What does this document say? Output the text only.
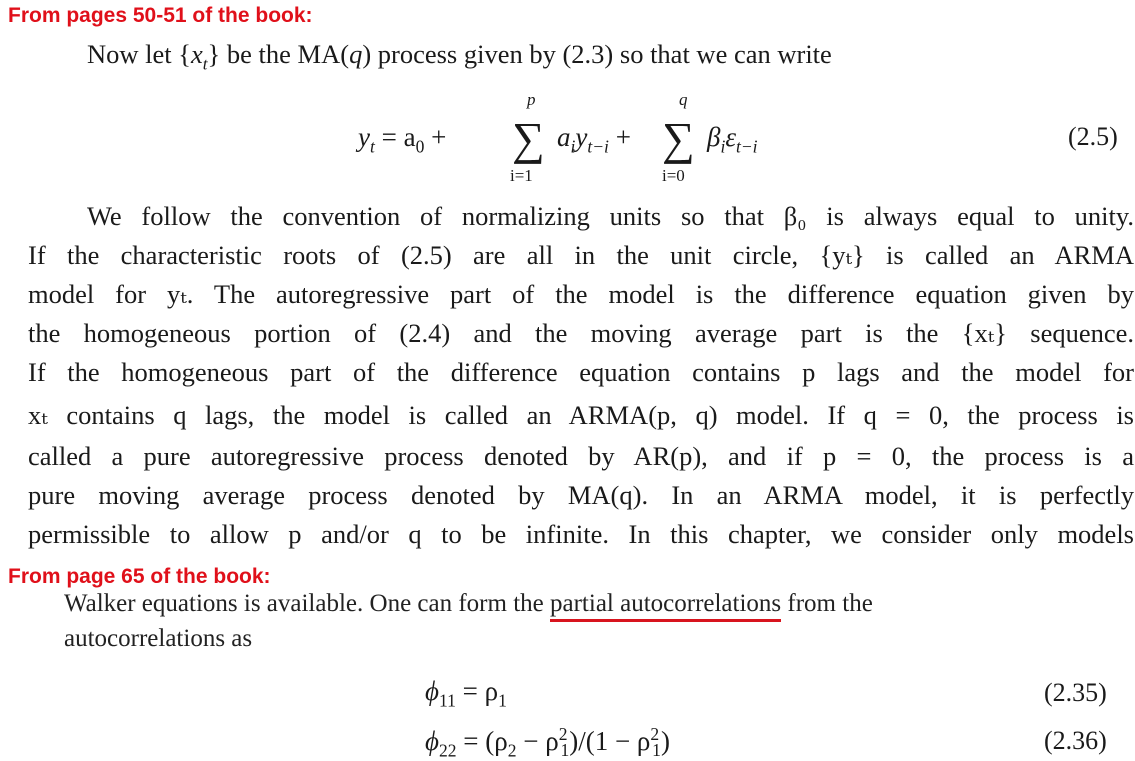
From pages 50-51 of the book:
Now let $\{x_t\}$ be the MA(q) process given by (2.3) so that we can write
$y_t = a_0$ +
p
∑
i=1
$a_iy_{t-i}$ +
q
∑
i=0
$\beta_i\varepsilon_{t-i}$	(2.5)
We follow the convention of normalizing units so that β₀ is always equal to unity.
If the characteristic roots of (2.5) are all in the unit circle, {yₜ} is called an ARMA
model for yₜ. The autoregressive part of the model is the difference equation given by
the homogeneous portion of (2.4) and the moving average part is the {xₜ} sequence.
If the homogeneous part of the difference equation contains p lags and the model for
xₜ contains q lags, the model is called an ARMA(p, q) model. If q = 0, the process is
called a pure autoregressive process denoted by AR(p), and if p = 0, the process is a
pure moving average process denoted by MA(q). In an ARMA model, it is perfectly
permissible to allow p and/or q to be infinite. In this chapter, we consider only models
From page 65 of the book:
Walker equations is available. One can form the partial autocorrelations from the
autocorrelations as
$\phi_{11} = \rho_1$	(2.35)
$\phi_{22} = (\rho_2 - \rho^2_1)/(1 - \rho^2_1)$	(2.36)
